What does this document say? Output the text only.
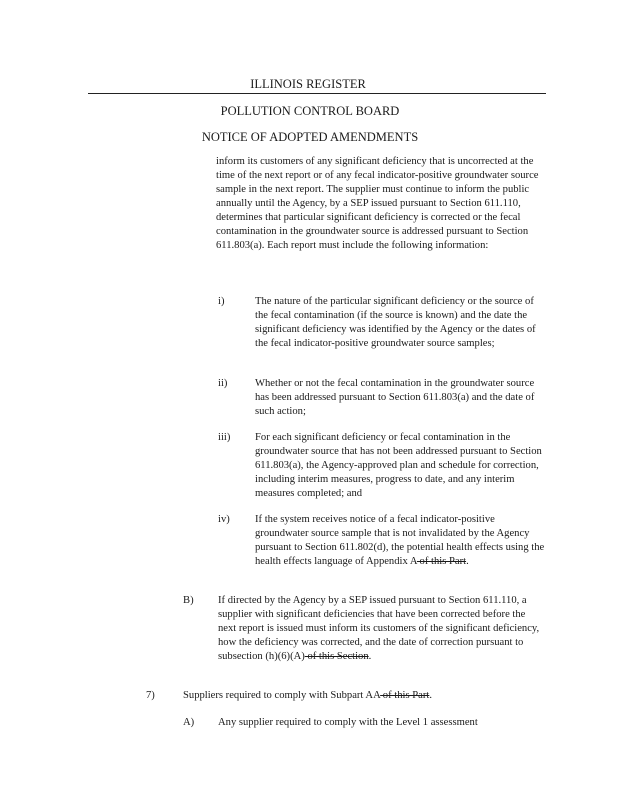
ILLINOIS REGISTER
POLLUTION CONTROL BOARD
NOTICE OF ADOPTED AMENDMENTS

inform its customers of any significant deficiency that is uncorrected at the time of the next report or of any fecal indicator-positive groundwater source sample in the next report. The supplier must continue to inform the public annually until the Agency, by a SEP issued pursuant to Section 611.110, determines that particular significant deficiency is corrected or the fecal contamination in the groundwater source is addressed pursuant to Section 611.803(a). Each report must include the following information:

i)	The nature of the particular significant deficiency or the source of the fecal contamination (if the source is known) and the date the significant deficiency was identified by the Agency or the dates of the fecal indicator-positive groundwater source samples;

ii)	Whether or not the fecal contamination in the groundwater source has been addressed pursuant to Section 611.803(a) and the date of such action;

iii) For each significant deficiency or fecal contamination in the groundwater source that has not been addressed pursuant to Section 611.803(a), the Agency-approved plan and schedule for correction, including interim measures, progress to date, and any interim measures completed; and

iv) If the system receives notice of a fecal indicator-positive groundwater source sample that is not invalidated by the Agency pursuant to Section 611.802(d), the potential health effects using the health effects language of Appendix A of this Part.

B) If directed by the Agency by a SEP issued pursuant to Section 611.110, a supplier with significant deficiencies that have been corrected before the next report is issued must inform its customers of the significant deficiency, how the deficiency was corrected, and the date of correction pursuant to subsection (h)(6)(A) of this Section.

7)	Suppliers required to comply with Subpart AA of this Part.

A) Any supplier required to comply with the Level 1 assessment
